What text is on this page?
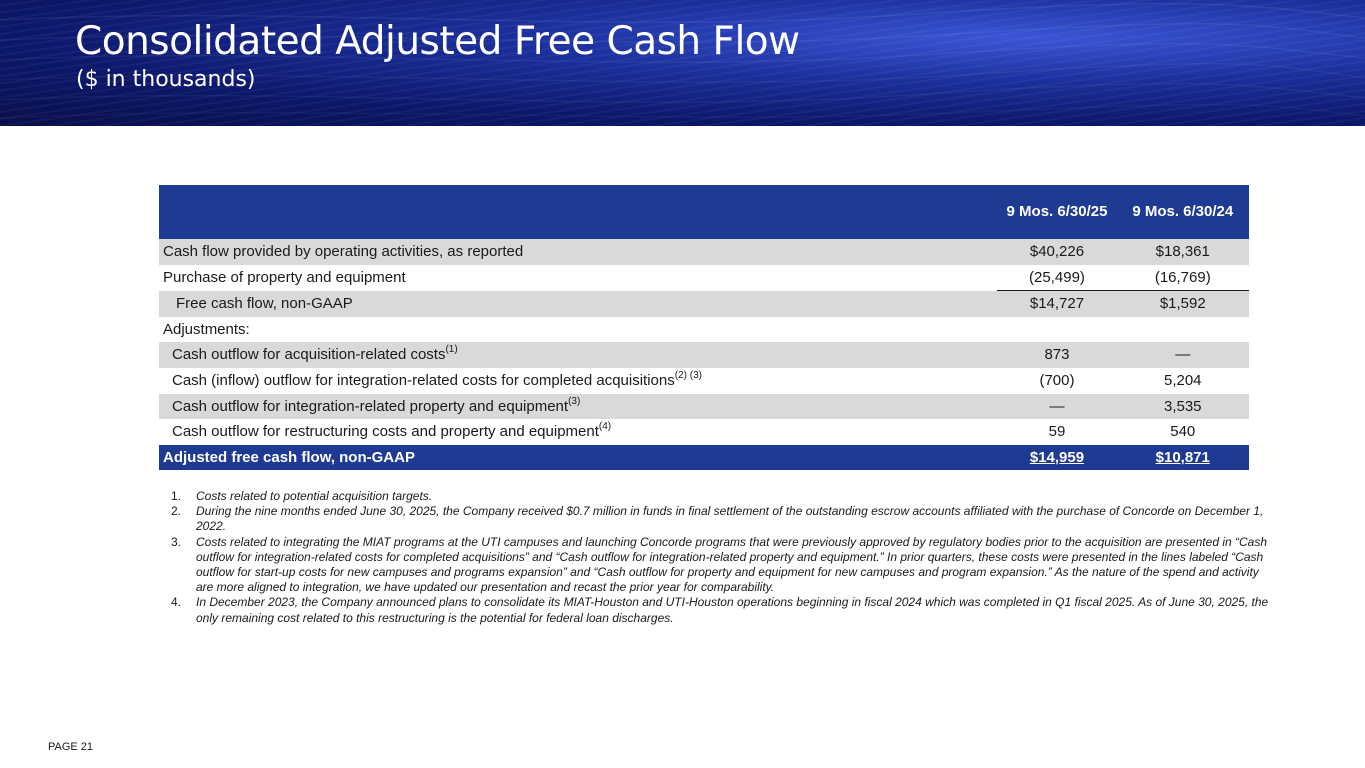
Consolidated Adjusted Free Cash Flow

($ in thousands)

	9 Mos. 6/30/25	9 Mos. 6/30/24
Cash flow provided by operating activities, as reported	$40,226	$18,361
Purchase of property and equipment	(25,499)	(16,769)
Free cash flow, non-GAAP	$14,727	$1,592
Adjustments:		
Cash outflow for acquisition-related costs$^{(1)}$	873	—
Cash (inflow) outflow for integration-related costs for completed acquisitions$^{(2) (3)}$	(700)	5,204
Cash outflow for integration-related property and equipment$^{(3)}$	—	3,535
Cash outflow for restructuring costs and property and equipment$^{(4)}$	59	540
Adjusted free cash flow, non-GAAP	$14,959	$10,871
1. Costs related to potential acquisition targets.
2. During the nine months ended June 30, 2025, the Company received $0.7 million in funds in final settlement of the outstanding escrow accounts affiliated with the purchase of Concorde on December 1, 2022.
3. Costs related to integrating the MIAT programs at the UTI campuses and launching Concorde programs that were previously approved by regulatory bodies prior to the acquisition are presented in “Cash outflow for integration-related costs for completed acquisitions” and “Cash outflow for integration-related property and equipment.” In prior quarters, these costs were presented in the lines labeled “Cash outflow for start-up costs for new campuses and programs expansion” and “Cash outflow for property and equipment for new campuses and program expansion.” As the nature of the spend and activity are more aligned to integration, we have updated our presentation and recast the prior year for comparability.
4. In December 2023, the Company announced plans to consolidate its MIAT-Houston and UTI-Houston operations beginning in fiscal 2024 which was completed in Q1 fiscal 2025. As of June 30, 2025, the only remaining cost related to this restructuring is the potential for federal loan discharges.
PAGE 21
